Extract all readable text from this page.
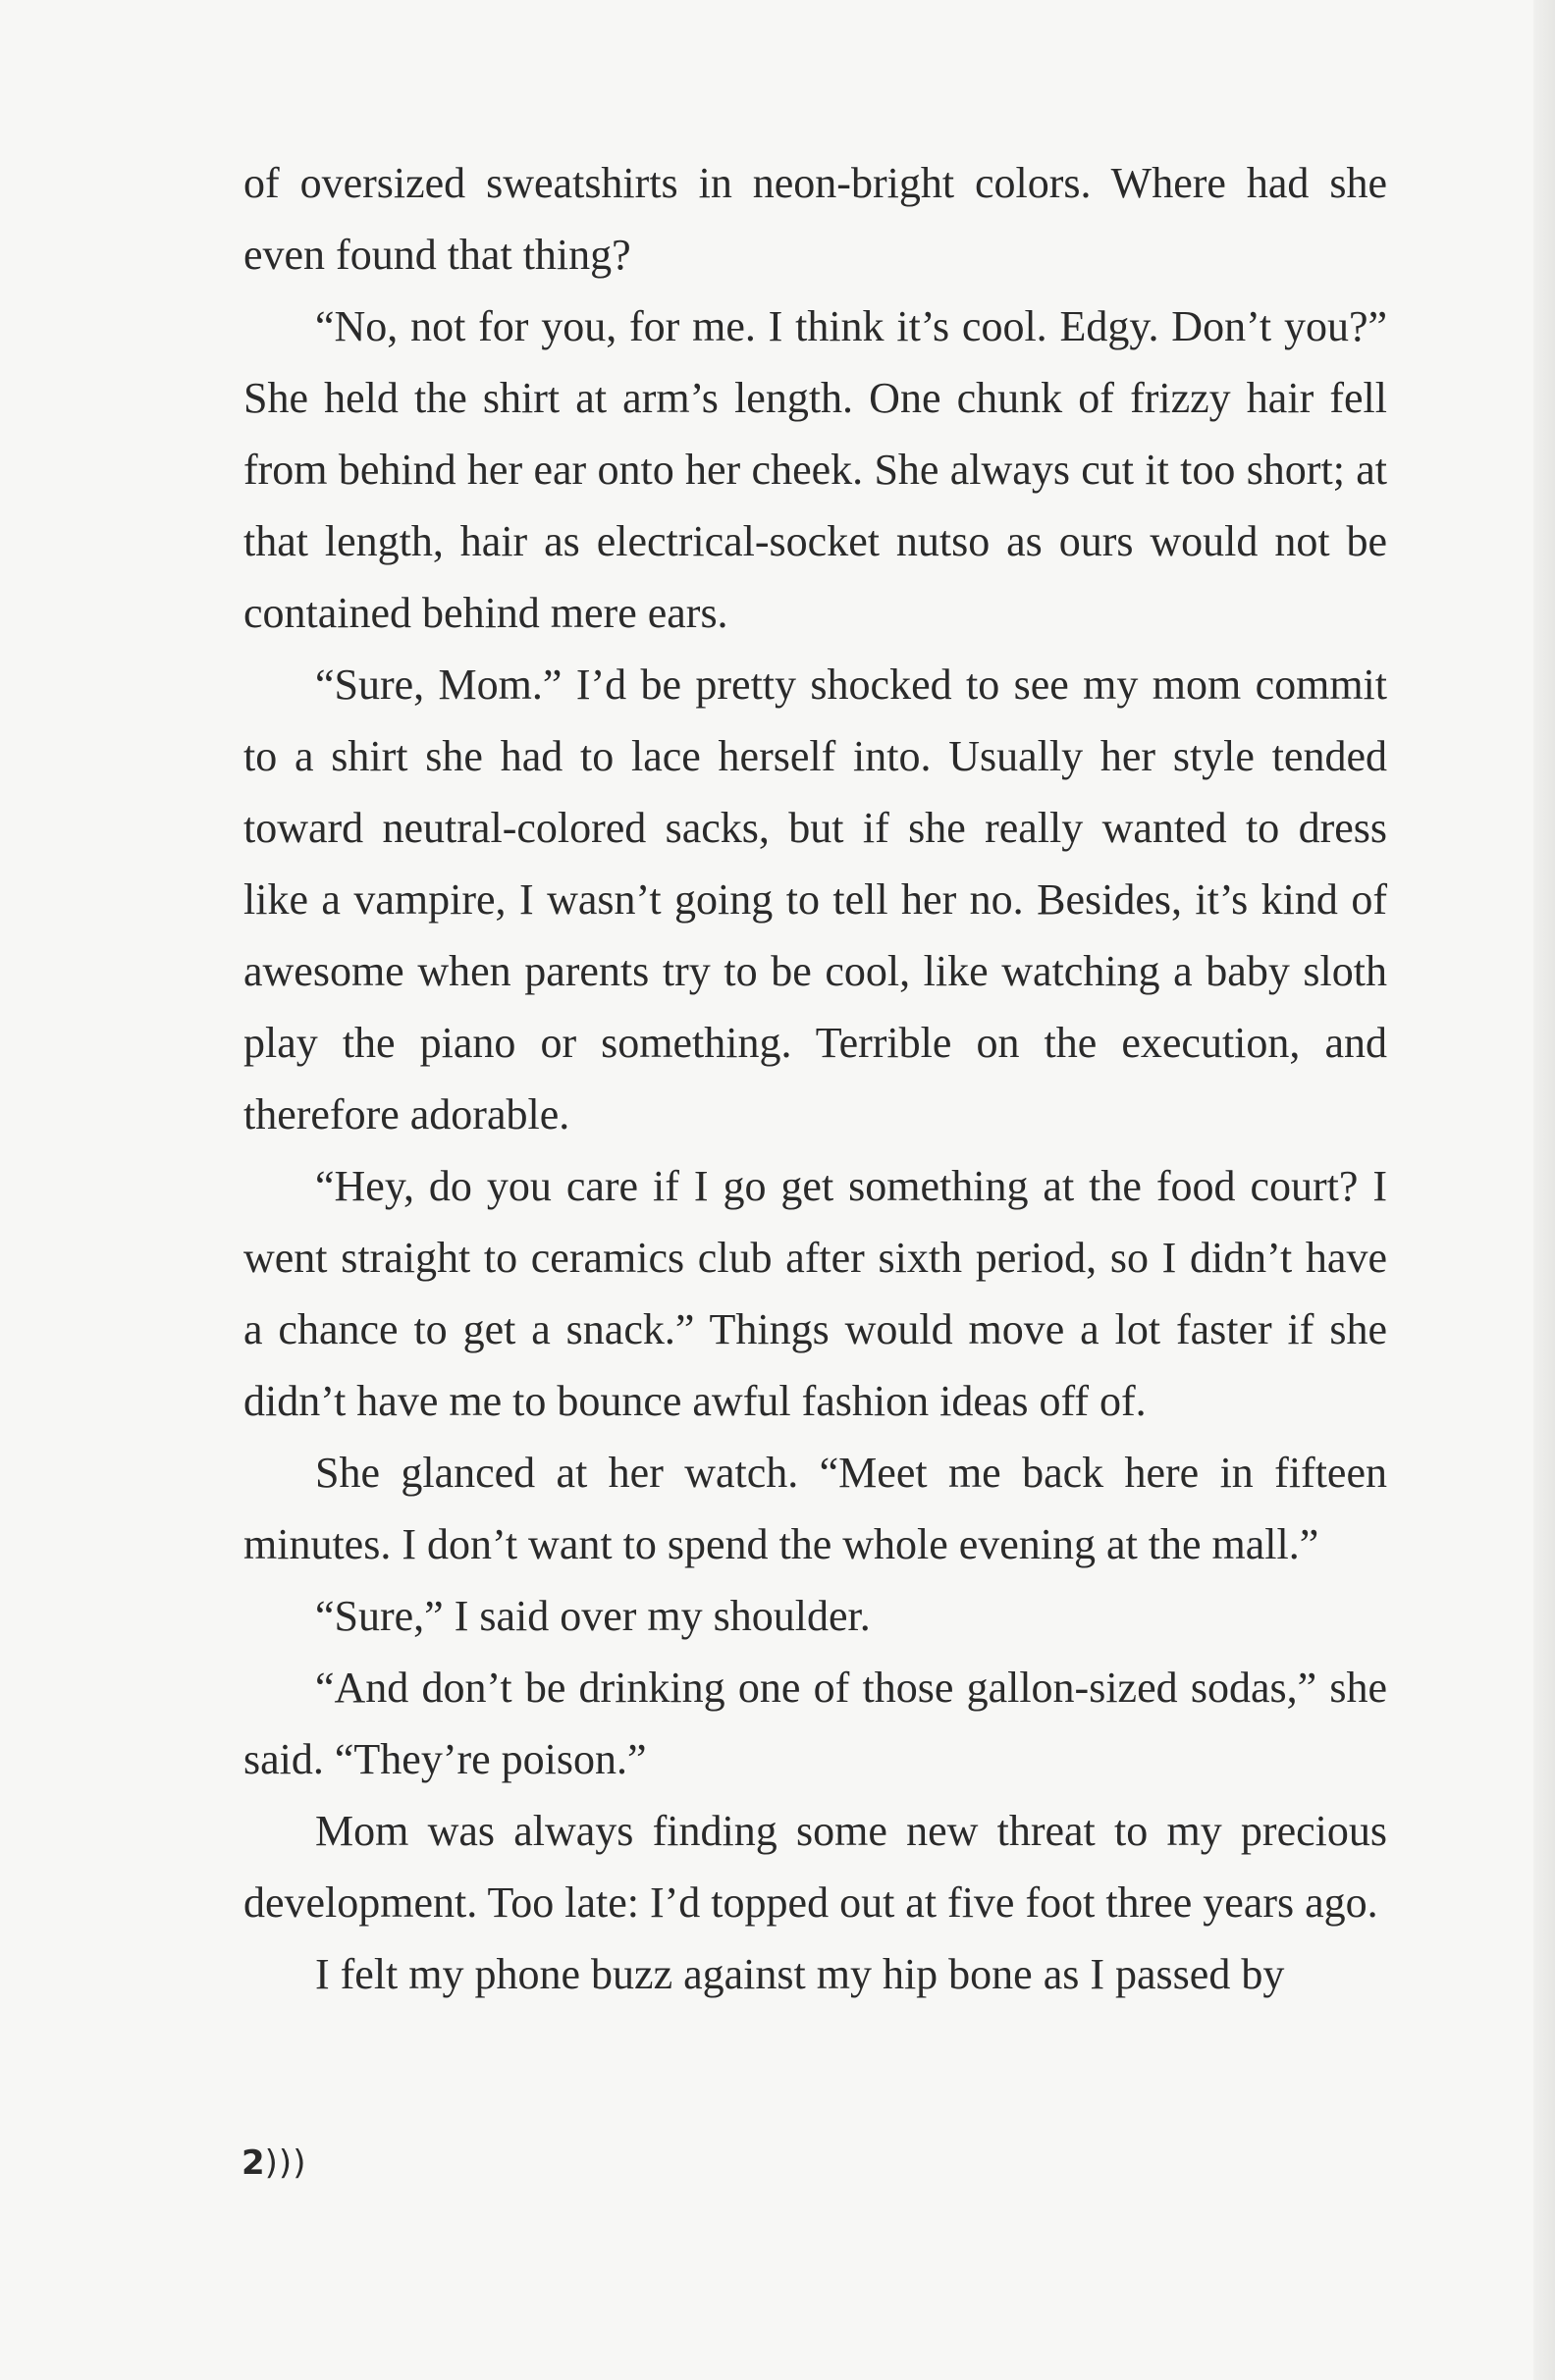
of oversized sweatshirts in neon-bright colors. Where had she even found that thing?

“No, not for you, for me. I think it’s cool. Edgy. Don’t you?” She held the shirt at arm’s length. One chunk of frizzy hair fell from behind her ear onto her cheek. She always cut it too short; at that length, hair as electrical-socket nutso as ours would not be contained behind mere ears.

“Sure, Mom.” I’d be pretty shocked to see my mom commit to a shirt she had to lace herself into. Usually her style tended toward neutral-colored sacks, but if she really wanted to dress like a vampire, I wasn’t going to tell her no. Besides, it’s kind of awesome when parents try to be cool, like watching a baby sloth play the piano or something. Terrible on the execution, and therefore adorable.

“Hey, do you care if I go get something at the food court? I went straight to ceramics club after sixth period, so I didn’t have a chance to get a snack.” Things would move a lot faster if she didn’t have me to bounce awful fashion ideas off of.

She glanced at her watch. “Meet me back here in fifteen minutes. I don’t want to spend the whole evening at the mall.”

“Sure,” I said over my shoulder.

“And don’t be drinking one of those gallon-sized sodas,” she said. “They’re poison.”

Mom was always finding some new threat to my precious development. Too late: I’d topped out at five foot three years ago.

I felt my phone buzz against my hip bone as I passed by

2)))
